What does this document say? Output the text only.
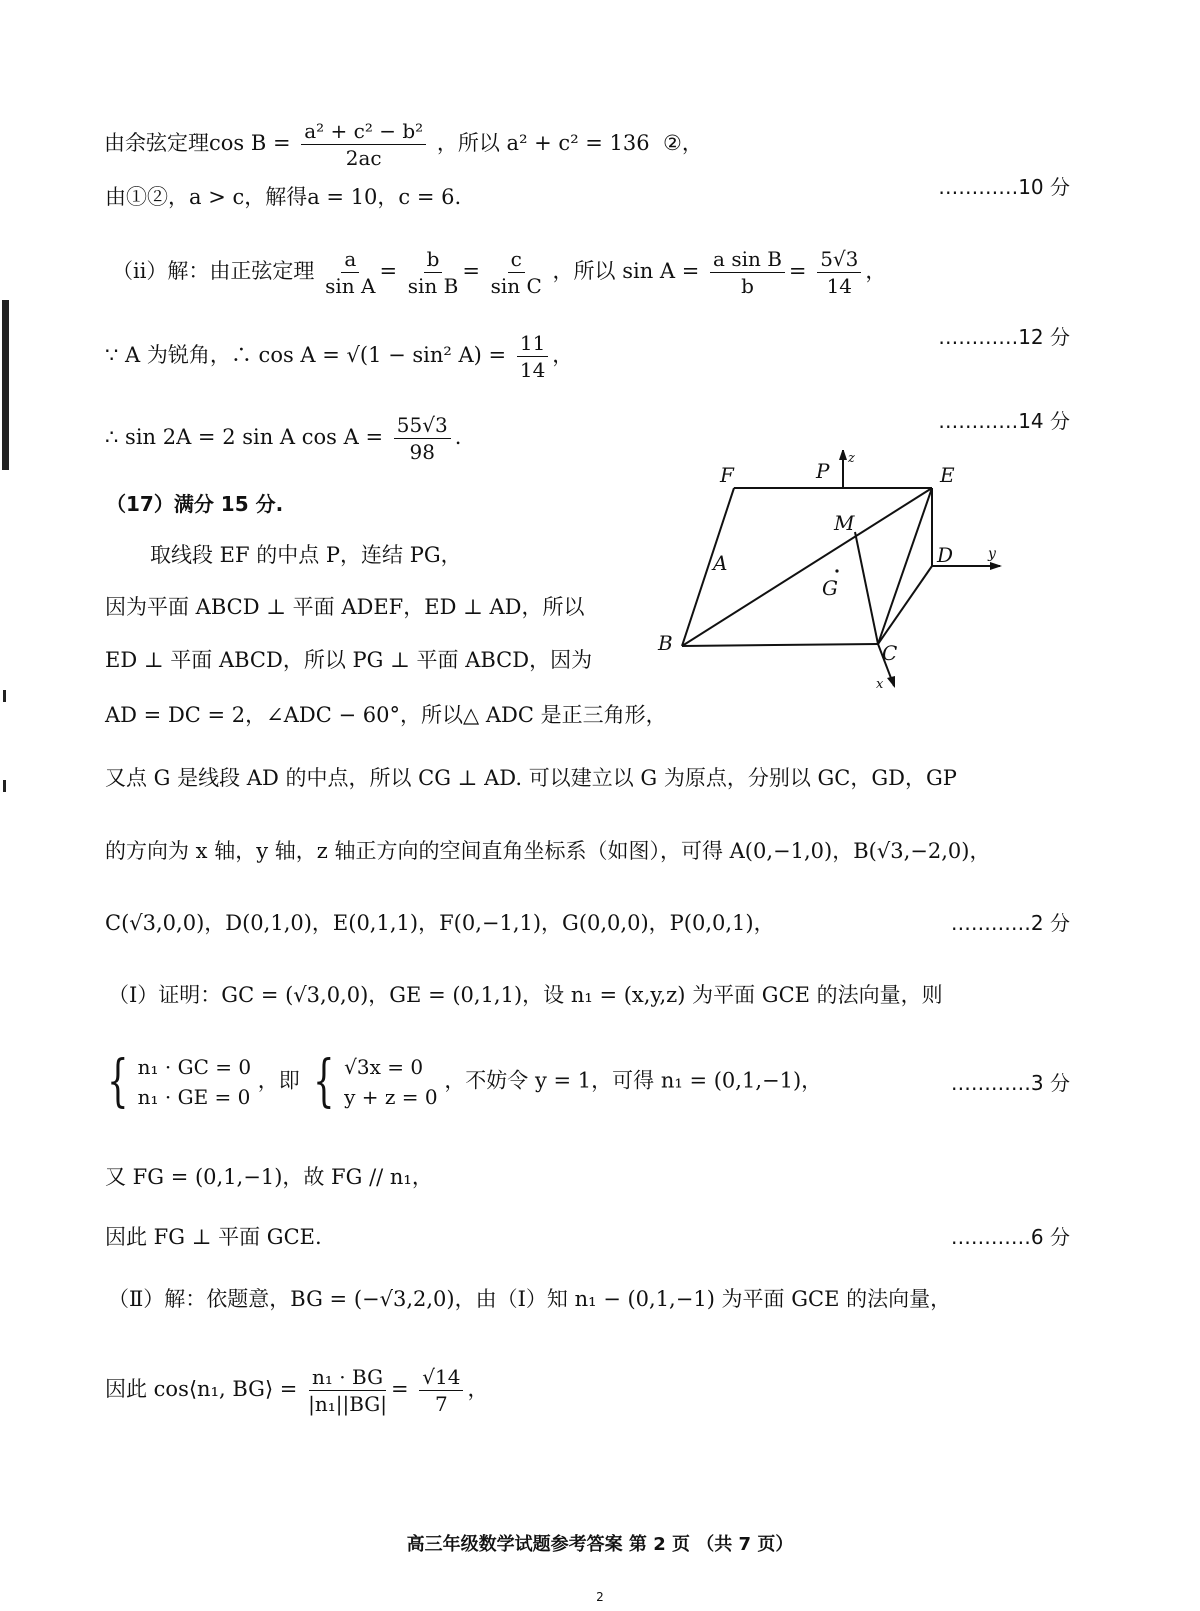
由余弦定理$\cos B = \frac{\text{a² + c² − b²}}{2ac}$ ，所以 a² + c² = 136  ②，
由①②，a > c，解得a = 10，c = 6.	…………10 分
（ⅱ）解：由正弦定理 $\frac{a}{\text{sin A}} = \frac{b}{\text{sin B}} = \frac{c}{\text{sin C}}$ ，所以 $\sin A = \frac{\text{a sin B}}{b} = \frac{5√3}{14}$ ，
∵ A 为锐角，∴ cos A = √(1 − sin² $A) = \frac{11}{14}$ ，
…………12 分
∴ sin 2A = 2 sin A $\cos A = \frac{55√3}{98}$ .
…………14 分
（17）满分 15 分.
取线段 EF 的中点 P，连结 PG，
因为平面 ABCD ⊥ 平面 ADEF，ED ⊥ AD，所以
ED ⊥ 平面 ABCD，所以 PG ⊥ 平面 ABCD，因为
AD = DC = 2，∠ADC − 60°，所以△ ADC 是正三角形，
F	P
z
E
M
A	D y
G
B	C
x
又点 G 是线段 AD 的中点，所以 CG ⊥ AD. 可以建立以 G 为原点，分别以 GC，GD，GP
的方向为 x 轴，y 轴，z 轴正方向的空间直角坐标系（如图），可得 A(0,−1,0)，B(√3,−2,0)，
C(√3,0,0)，D(0,1,0)，E(0,1,1)，F(0,−1,1)，G(0,0,0)，P(0,0,1)，	…………2 分
（Ⅰ）证明：GC = (√3,0,0)，GE = (0,1,1)，设 n₁ = (x,y,z) 为平面 GCE 的法向量，则
{ n₁ · GC = 0
n₁ · GE = 0
，即 { √3x = 0
y + z = 0
，不妨令 y = 1，可得 n₁ = (0,1,−1)，	…………3 分
又 FG = (0,1,−1)，故 FG // n₁，
因此 FG ⊥ 平面 GCE.	…………6 分
（Ⅱ）解：依题意，BG = (−√3,2,0)，由（Ⅰ）知 n₁ − (0,1,−1) 为平面 GCE 的法向量，
因此 cos⟨n₁, BG⟩ = $\frac{\text{n₁ · BG}}{\text{|n₁||BG|}} = \frac{√14}{7}$ ，
高三年级数学试题参考答案 第 2 页 （共 7 页）
2
